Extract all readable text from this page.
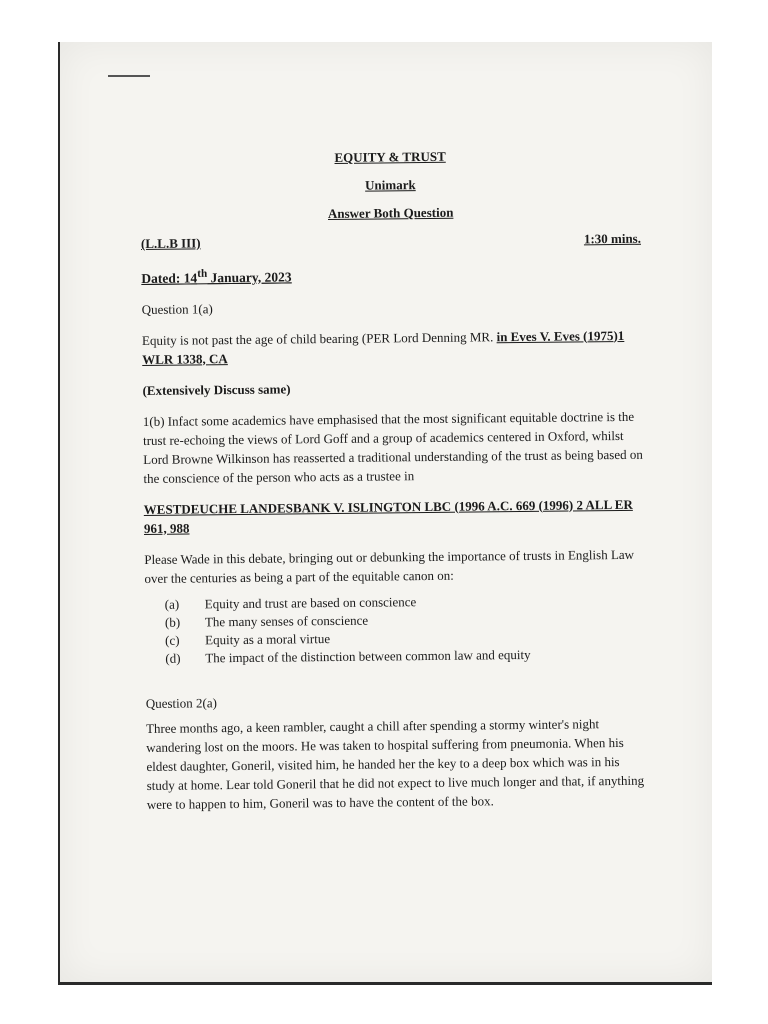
EQUITY & TRUST
Unimark
Answer Both Question
(L.L.B III)	1:30 mins.
Dated: 14th January, 2023
Question 1(a)

Equity is not past the age of child bearing (PER Lord Denning MR. in Eves V. Eves (1975)1 WLR 1338, CA

(Extensively Discuss same)

1(b) Infact some academics have emphasised that the most significant equitable doctrine is the trust re-echoing the views of Lord Goff and a group of academics centered in Oxford, whilst Lord Browne Wilkinson has reasserted a traditional understanding of the trust as being based on the conscience of the person who acts as a trustee in

WESTDEUCHE LANDESBANK V. ISLINGTON LBC (1996 A.C. 669 (1996) 2 ALL ER 961, 988

Please Wade in this debate, bringing out or debunking the importance of trusts in English Law over the centuries as being a part of the equitable canon on:

(a)	Equity and trust are based on conscience
(b)	The many senses of conscience
(c)	Equity as a moral virtue
(d)	The impact of the distinction between common law and equity

Question 2(a)

Three months ago, a keen rambler, caught a chill after spending a stormy winter's night wandering lost on the moors. He was taken to hospital suffering from pneumonia. When his eldest daughter, Goneril, visited him, he handed her the key to a deep box which was in his study at home. Lear told Goneril that he did not expect to live much longer and that, if anything were to happen to him, Goneril was to have the content of the box.
